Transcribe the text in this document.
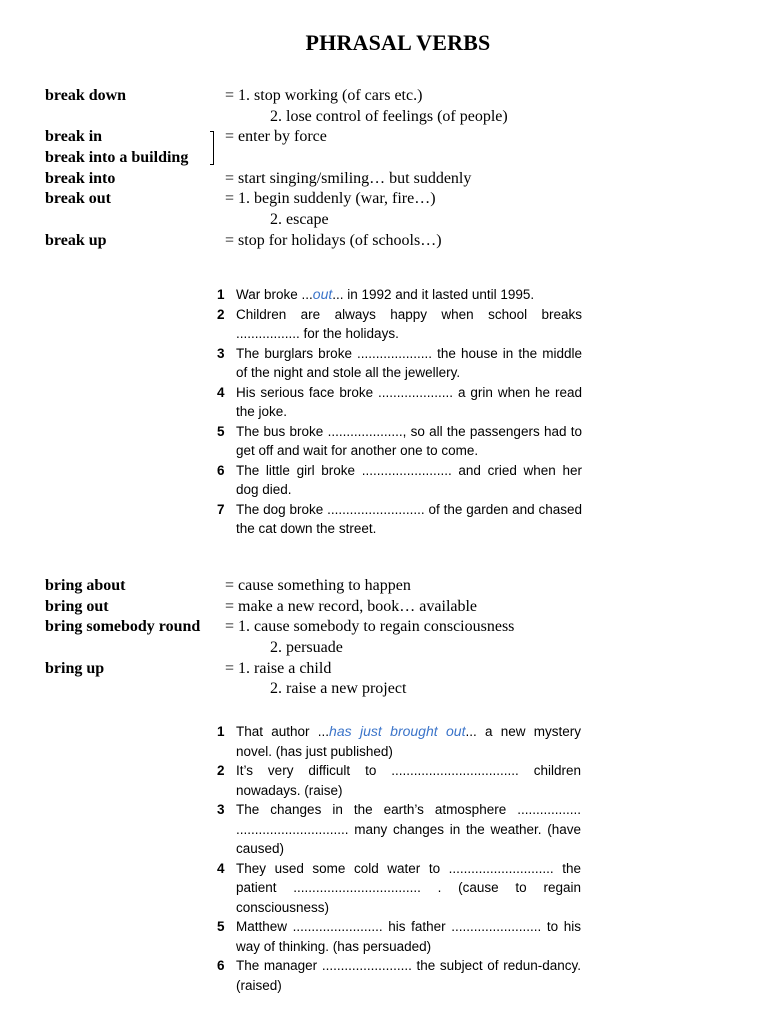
PHRASAL VERBS
break down	= 1. stop working (of cars etc.)
2. lose control of feelings (of people)
break in	= enter by force
break into a building
break into	= start singing/smiling… but suddenly
break out	= 1. begin suddenly (war, fire…)
2. escape
break up	= stop for holidays (of schools…)
1 War broke ...out... in 1992 and it lasted until 1995.
2 Children are always happy when school breaks ................. for the holidays.
3 The burglars broke .................... the house in the middle of the night and stole all the jewellery.
4 His serious face broke .................... a grin when he read the joke.
5 The bus broke ...................., so all the passengers had to get off and wait for another one to come.
6 The little girl broke ........................ and cried when her dog died.
7 The dog broke .......................... of the garden and chased the cat down the street.
bring about	= cause something to happen
bring out	= make a new record, book… available
bring somebody round = 1. cause somebody to regain consciousness
2. persuade
bring up	= 1. raise a child
2. raise a new project
1 That author ...has just brought out... a new mystery novel. (has just published)
2 It’s very difficult to .................................. children nowadays. (raise)
3 The changes in the earth’s atmosphere ................. .............................. many changes in the weather. (have caused)
4 They used some cold water to ............................ the patient .................................. . (cause to regain consciousness)
5 Matthew ........................ his father ........................ to his way of thinking. (has persuaded)
6 The manager ........................ the subject of redun-dancy. (raised)
